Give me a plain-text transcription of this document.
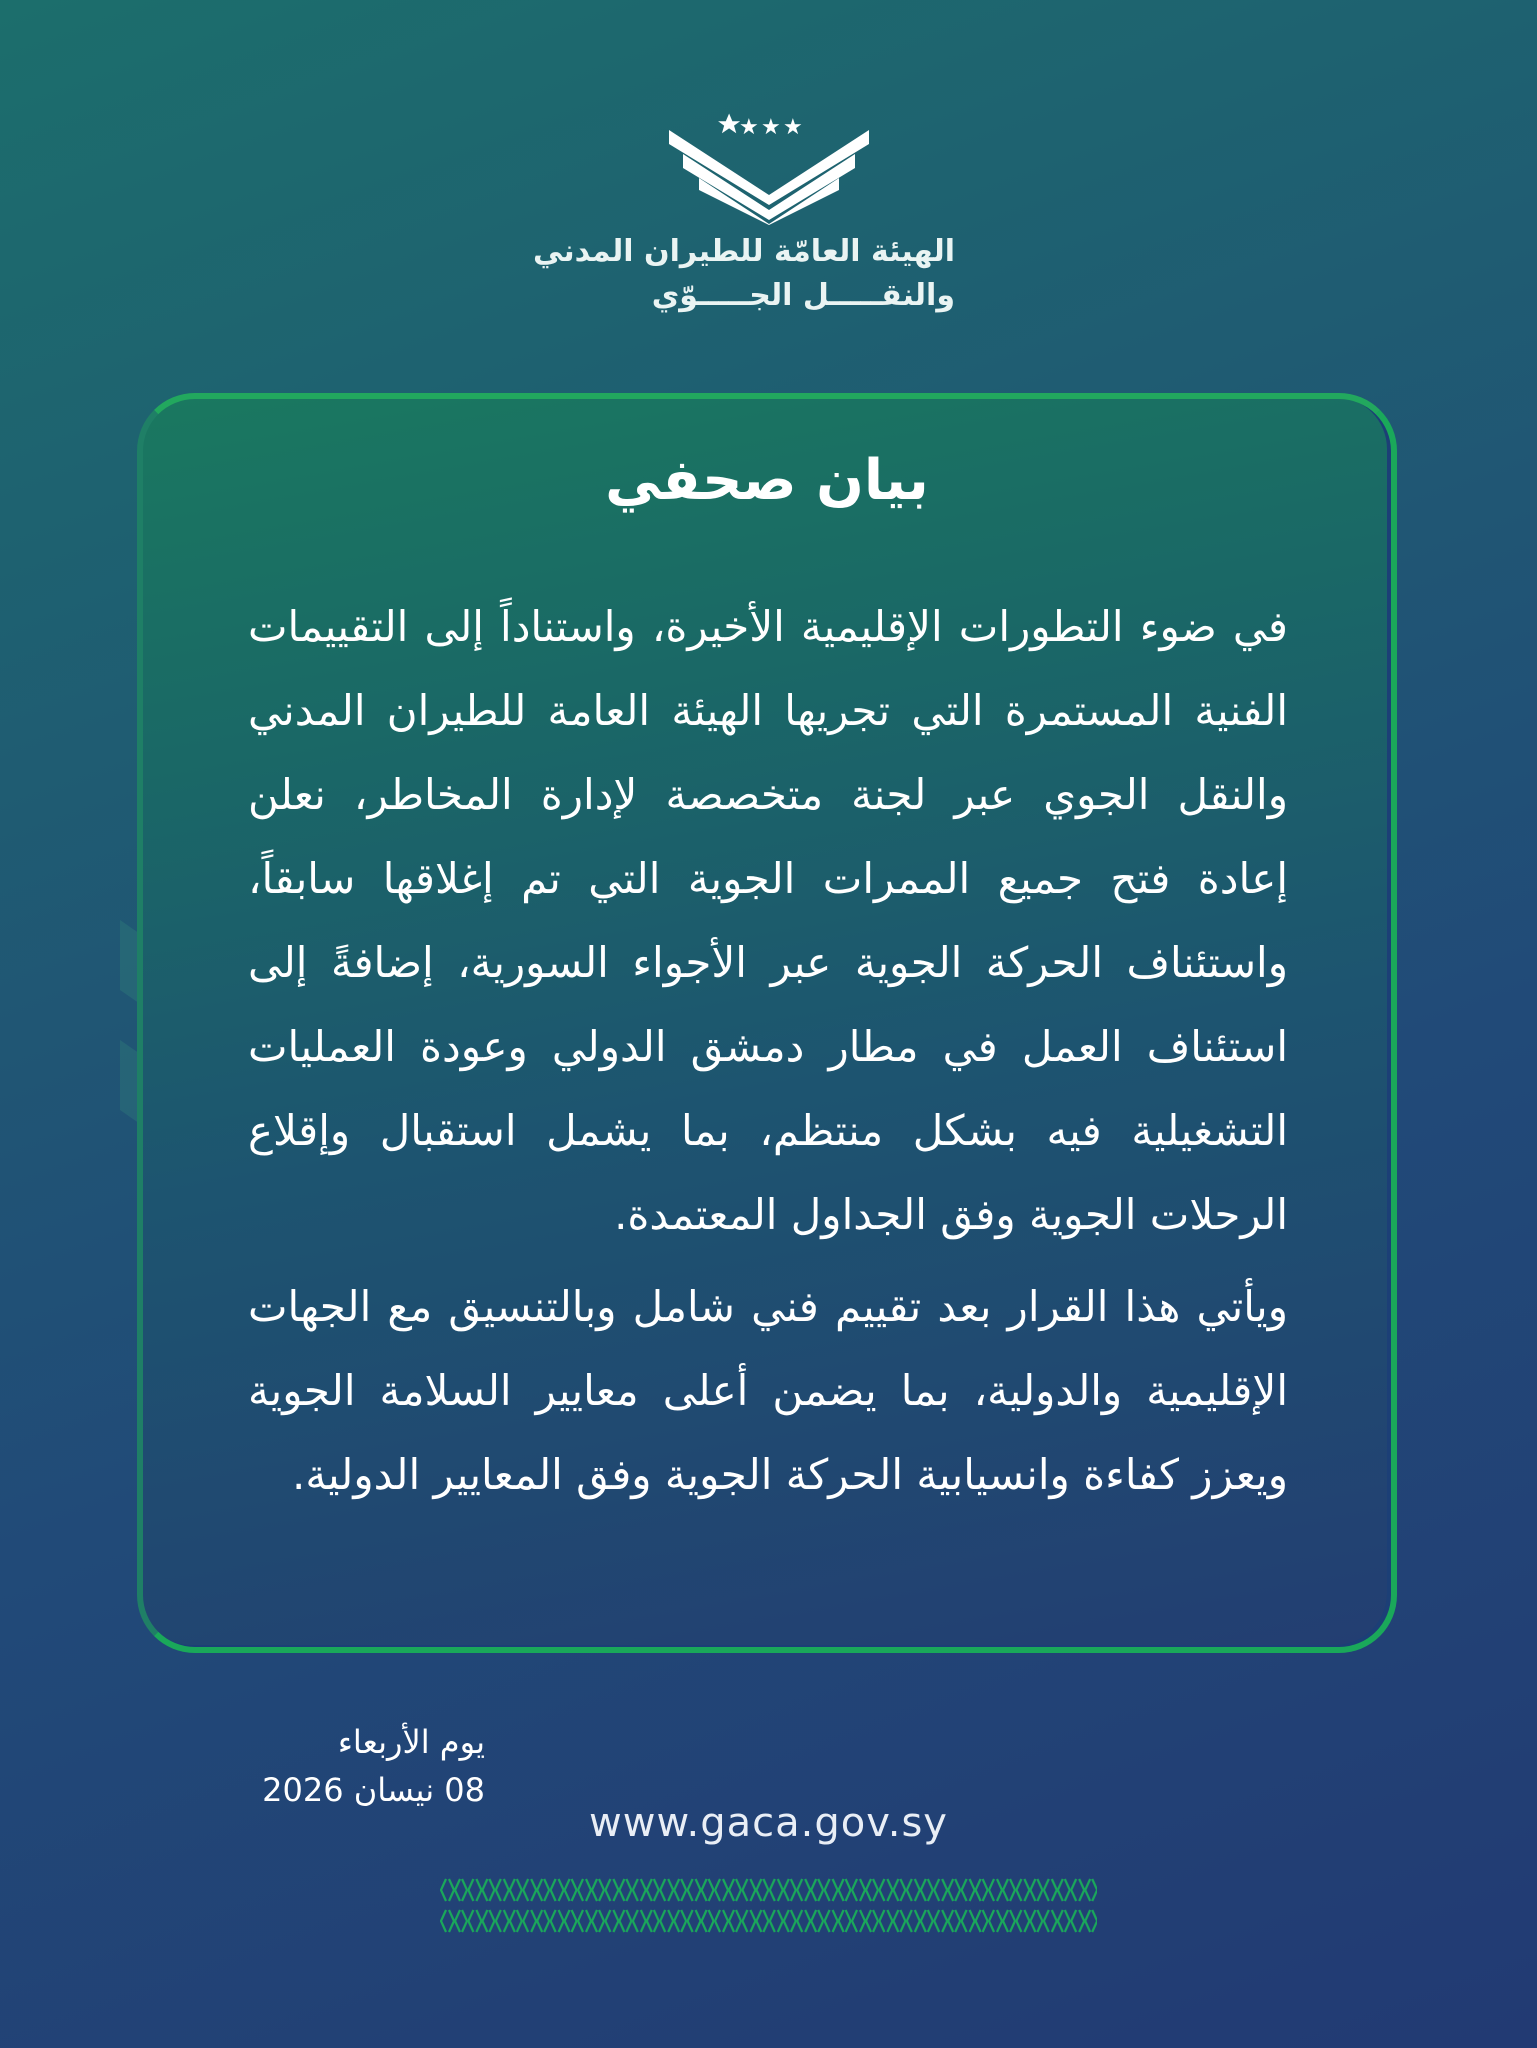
★ ★ ★
الهيئة العامّة للطيران المدني
والنقـــــل الجـــــوّي
بيان صحفي
في ضوء التطورات الإقليمية الأخيرة، واستناداً إلى التقييمات الفنية المستمرة التي تجريها الهيئة العامة للطيران المدني والنقل الجوي عبر لجنة متخصصة لإدارة المخاطر، نعلن إعادة فتح جميع الممرات الجوية التي تم إغلاقها سابقاً، واستئناف الحركة الجوية عبر الأجواء السورية، إضافةً إلى استئناف العمل في مطار دمشق الدولي وعودة العمليات التشغيلية فيه بشكل منتظم، بما يشمل استقبال وإقلاع الرحلات الجوية وفق الجداول المعتمدة.
ويأتي هذا القرار بعد تقييم فني شامل وبالتنسيق مع الجهات الإقليمية والدولية، بما يضمن أعلى معايير السلامة الجوية ويعزز كفاءة وانسيابية الحركة الجوية وفق المعايير الدولية.
يوم الأربعاء
08 نيسان 2026
www.gaca.gov.sy
